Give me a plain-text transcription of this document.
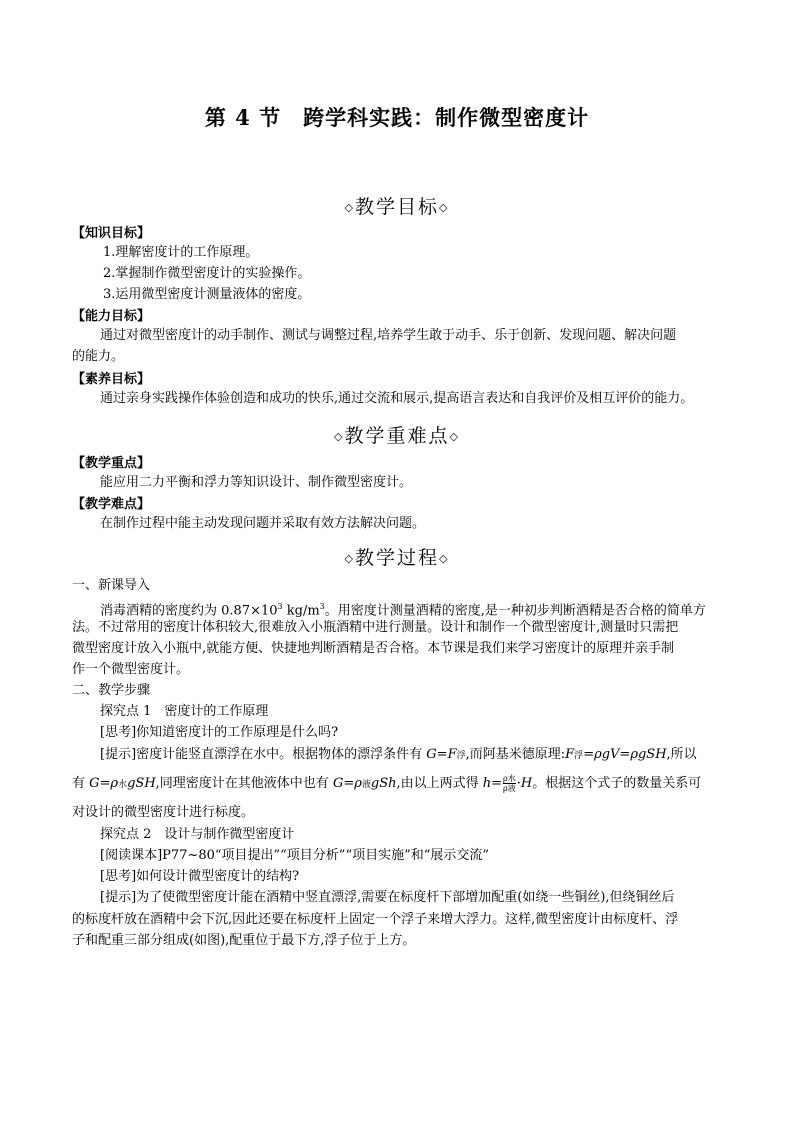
第 4 节　跨学科实践：制作微型密度计
◇教学目标◇
【知识目标】
1.理解密度计的工作原理。
2.掌握制作微型密度计的实验操作。
3.运用微型密度计测量液体的密度。
【能力目标】
通过对微型密度计的动手制作、测试与调整过程,培养学生敢于动手、乐于创新、发现问题、解决问题
的能力。
【素养目标】
通过亲身实践操作体验创造和成功的快乐,通过交流和展示,提高语言表达和自我评价及相互评价的能力。
◇教学重难点◇
【教学重点】
能应用二力平衡和浮力等知识设计、制作微型密度计。
【教学难点】
在制作过程中能主动发现问题并采取有效方法解决问题。
◇教学过程◇
一、新课导入
消毒酒精的密度约为 $0.87\times 10^3$ $kg/m^3$。用密度计测量酒精的密度,是一种初步判断酒精是否合格的简单方
法。不过常用的密度计体积较大,很难放入小瓶酒精中进行测量。设计和制作一个微型密度计,测量时只需把
微型密度计放入小瓶中,就能方便、快捷地判断酒精是否合格。本节课是我们来学习密度计的原理并亲手制
作一个微型密度计。
二、教学步骤
探究点 1　密度计的工作原理
[思考]你知道密度计的工作原理是什么吗?
[提示]密度计能竖直漂浮在水中。根据物体的漂浮条件有 G=F浮,而阿基米德原理:F浮=ρgV=ρgSH,所以
有 G=ρ水gSH,同理密度计在其他液体中也有 G=ρ液gSh,由以上两式得 $h= \frac{\text{ρ水}}{\text{ρ液}} \cdot H$。根据这个式子的数量关系可
对设计的微型密度计进行标度。
探究点 2　设计与制作微型密度计
[阅读课本]P77~80“项目提出”“项目分析”“项目实施”和“展示交流”
[思考]如何设计微型密度计的结构?
[提示]为了使微型密度计能在酒精中竖直漂浮,需要在标度杆下部增加配重(如绕一些铜丝),但绕铜丝后
的标度杆放在酒精中会下沉,因此还要在标度杆上固定一个浮子来增大浮力。这样,微型密度计由标度杆、浮
子和配重三部分组成(如图),配重位于最下方,浮子位于上方。
